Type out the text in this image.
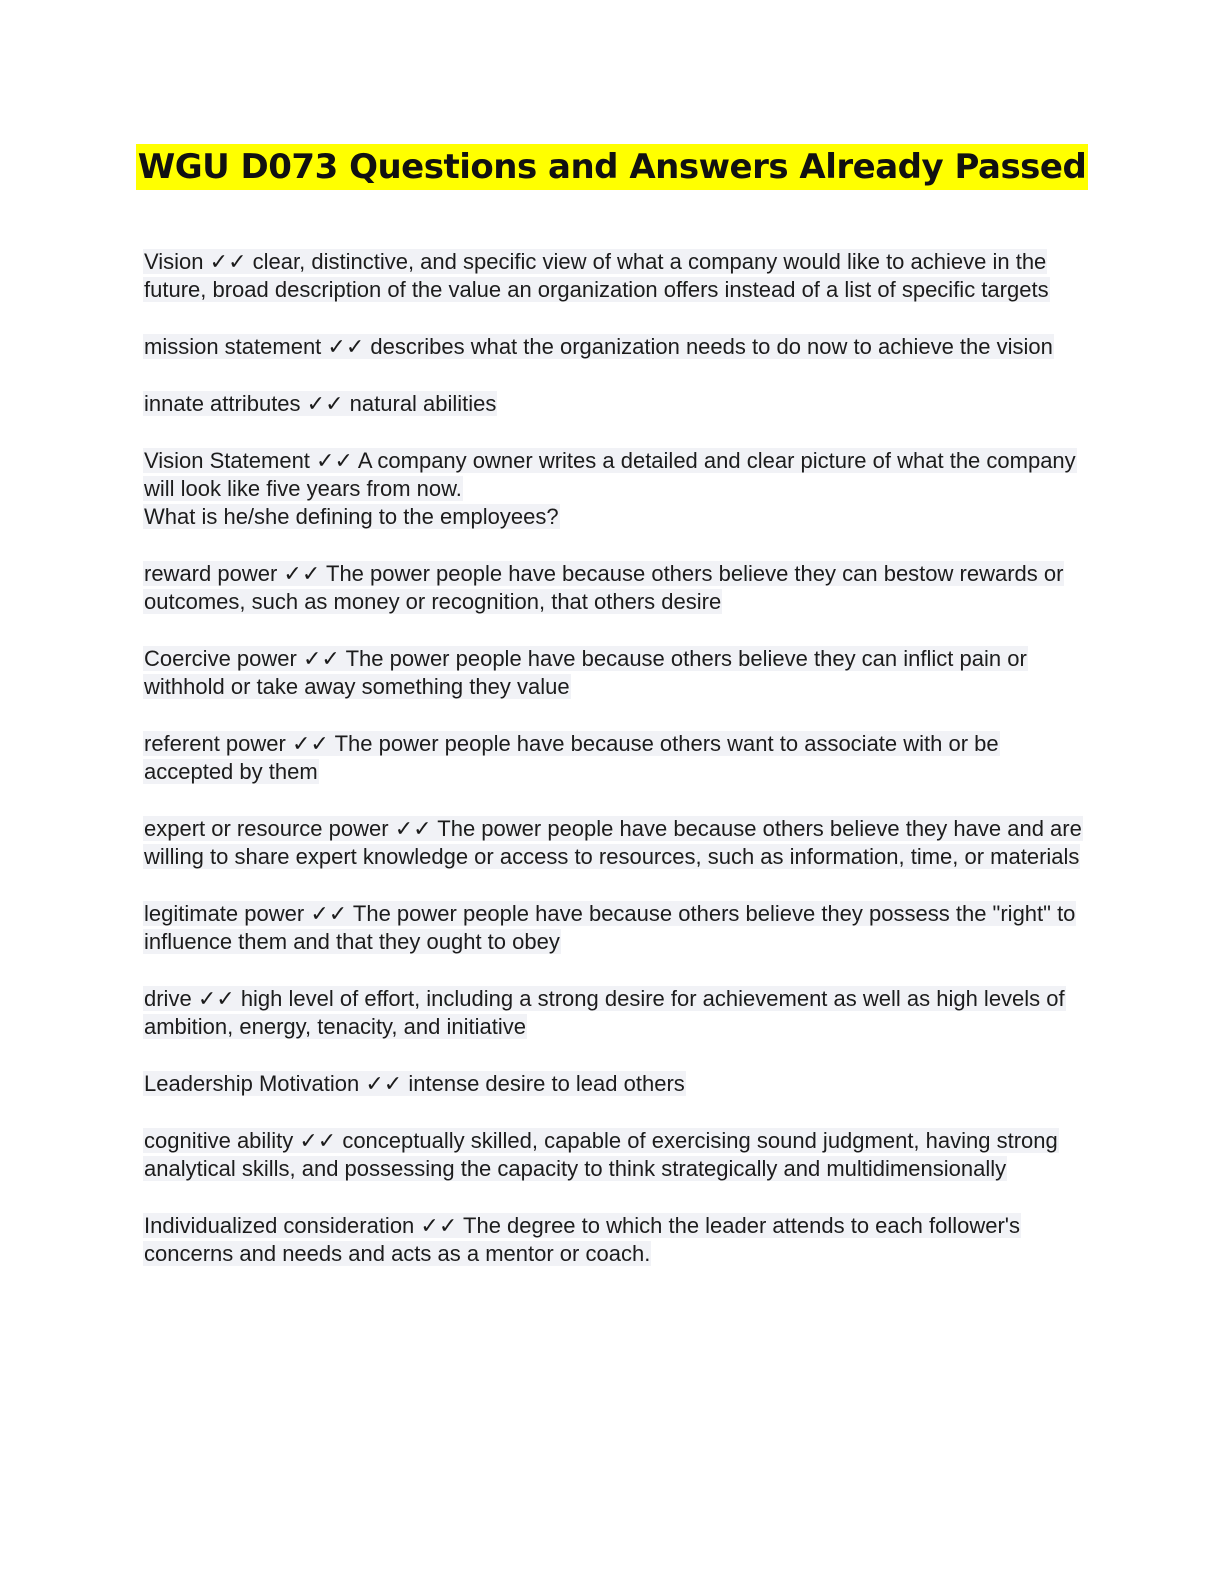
WGU D073 Questions and Answers Already Passed
Vision ✓✓ clear, distinctive, and specific view of what a company would like to achieve in the future, broad description of the value an organization offers instead of a list of specific targets
mission statement ✓✓ describes what the organization needs to do now to achieve the vision
innate attributes ✓✓ natural abilities
Vision Statement ✓✓ A company owner writes a detailed and clear picture of what the company will look like five years from now.
What is he/she defining to the employees?
reward power ✓✓ The power people have because others believe they can bestow rewards or outcomes, such as money or recognition, that others desire
Coercive power ✓✓ The power people have because others believe they can inflict pain or withhold or take away something they value
referent power ✓✓ The power people have because others want to associate with or be accepted by them
expert or resource power ✓✓ The power people have because others believe they have and are willing to share expert knowledge or access to resources, such as information, time, or materials
legitimate power ✓✓ The power people have because others believe they possess the "right" to influence them and that they ought to obey
drive ✓✓ high level of effort, including a strong desire for achievement as well as high levels of ambition, energy, tenacity, and initiative
Leadership Motivation ✓✓ intense desire to lead others
cognitive ability ✓✓ conceptually skilled, capable of exercising sound judgment, having strong analytical skills, and possessing the capacity to think strategically and multidimensionally
Individualized consideration ✓✓ The degree to which the leader attends to each follower's concerns and needs and acts as a mentor or coach.
